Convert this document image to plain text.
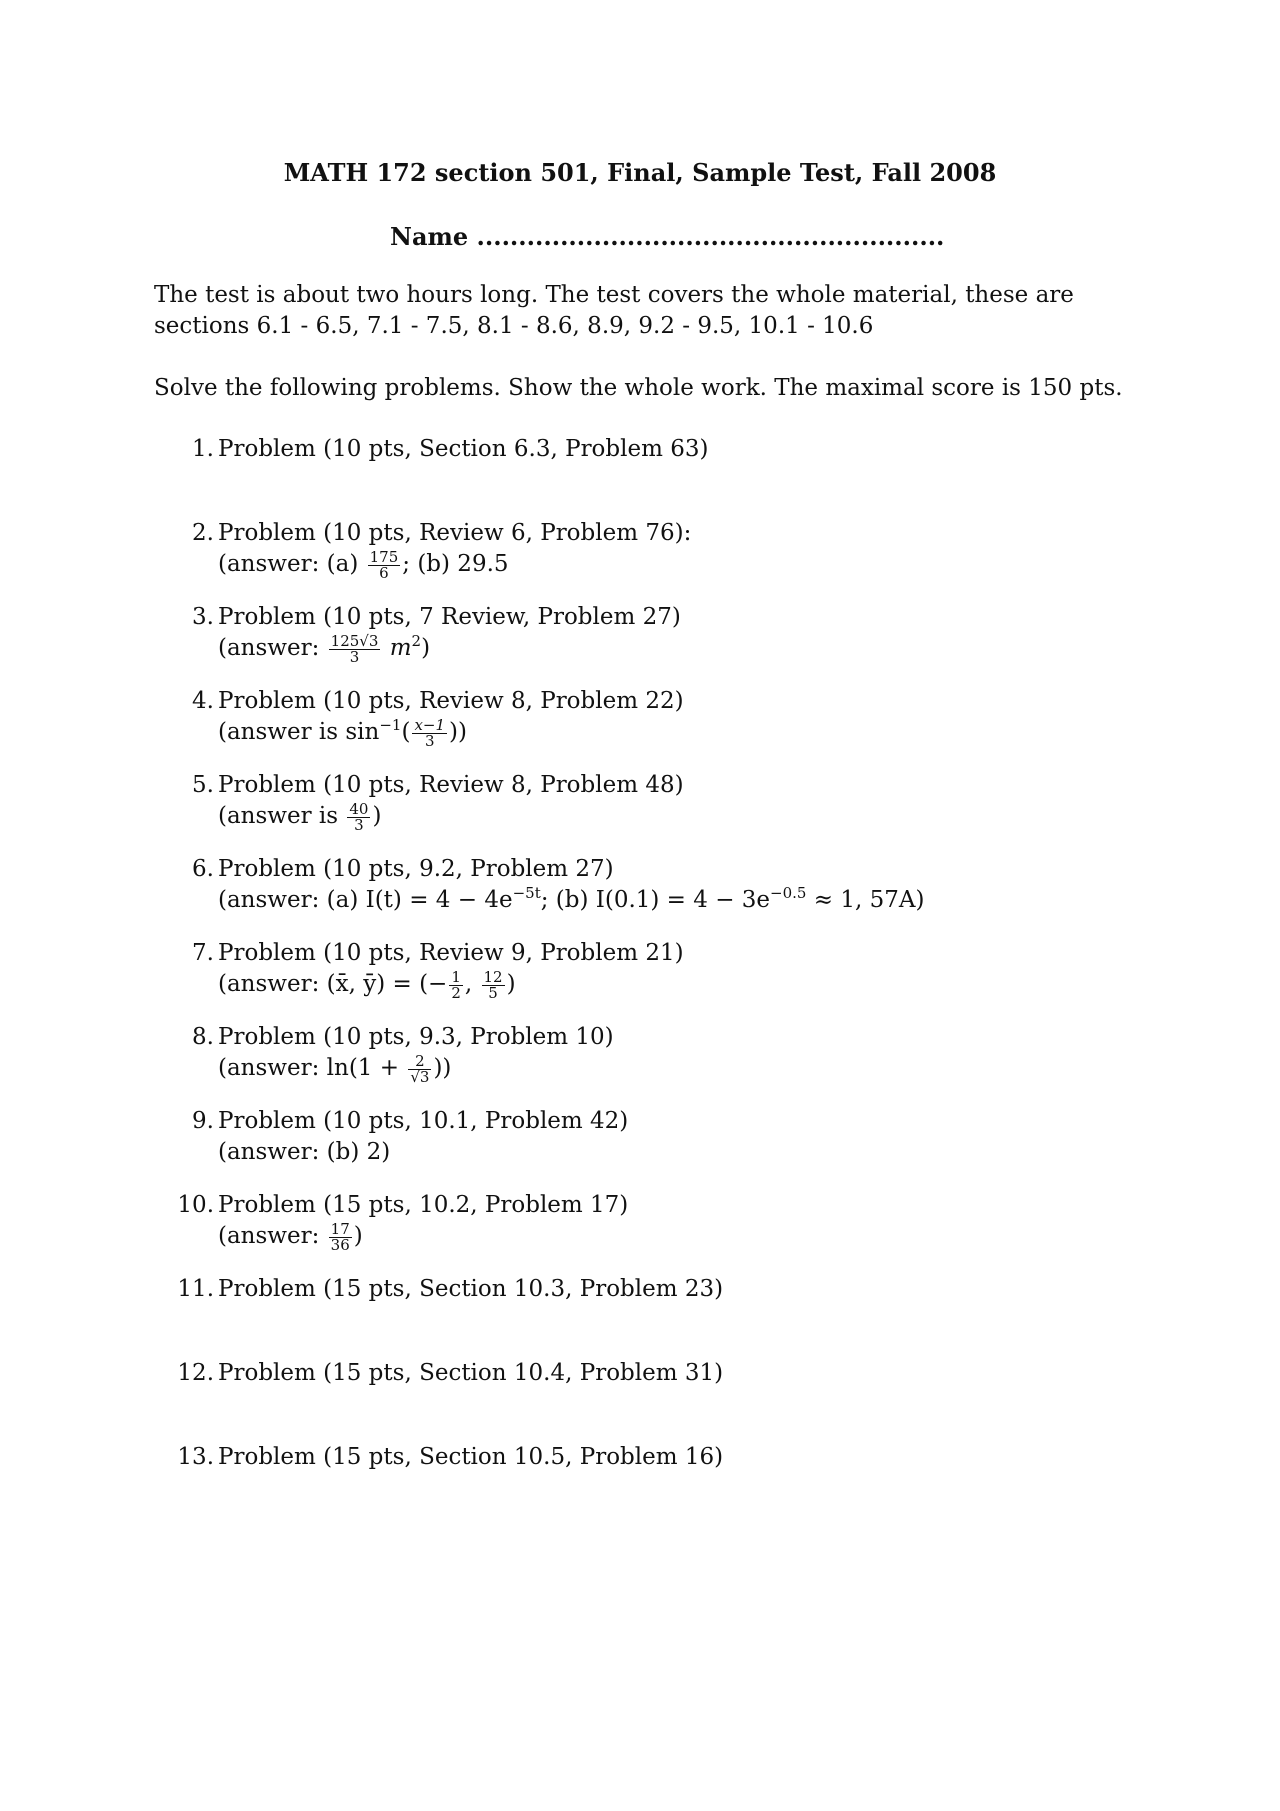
MATH 172 section 501, Final, Sample Test, Fall 2008
Name ........................................................

The test is about two hours long. The test covers the whole material, these are sections 6.1 - 6.5, 7.1 - 7.5, 8.1 - 8.6, 8.9, 9.2 - 9.5, 10.1 - 10.6

Solve the following problems. Show the whole work. The maximal score is 150 pts.

1. Problem (10 pts, Section 6.3, Problem 63)
2. Problem (10 pts, Review 6, Problem 76):
(answer: $(a) \frac{175}{6}$ ; (b) 29.5
3. Problem (10 pts, 7 Review, Problem 27)
(answer: $\frac{125√3}{3} m^2$)
4. Problem (10 pts, Review 8, Problem 22)
(answer is $\sin^{-1}( \frac{x-1}{3}$ ))
5. Problem (10 pts, Review 8, Problem 48)
(answer is $\frac{40}{3}$ )
6. Problem (10 pts, 9.2, Problem 27)
(answer: (a) $I(t) = 4 - 4e^{-5t}$; (b) $I(0.1) = 4 - 3e^{-0.5} \approx 1$, 57A)
7. Problem (10 pts, Review 9, Problem 21)
(answer: (x̄, ȳ) = (− $\frac{1}{2}$ , $\frac{12}{5}$ )
8. Problem (10 pts, 9.3, Problem 10)
(answer: $\ln(1 + \frac{2}{√3}$ ))
9. Problem (10 pts, 10.1, Problem 42)
(answer: (b) 2)
10. Problem (15 pts, 10.2, Problem 17)
(answer: $\frac{17}{36}$ )
11. Problem (15 pts, Section 10.3, Problem 23)
12. Problem (15 pts, Section 10.4, Problem 31)
13. Problem (15 pts, Section 10.5, Problem 16)
